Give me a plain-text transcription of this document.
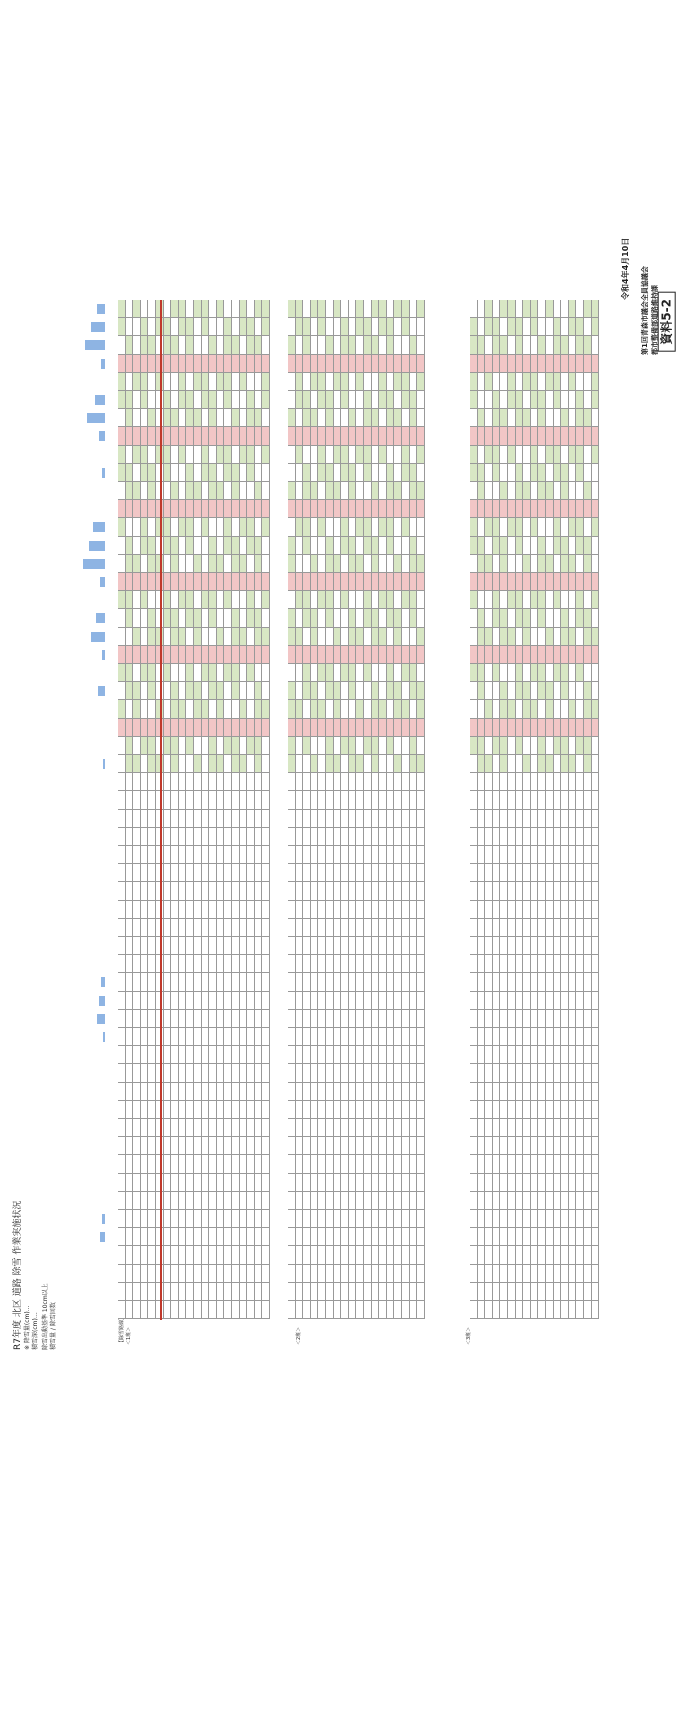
資料5-2
令和4年4月10日 第1回青森市議会全員協議会 都市整備部道路維持課
R7年度 北区 道路 除雪 作業実施状況 ※ 降雪量(cm)… 積雪深(cm)… 除雪出動基準 10cm以上 積雪量 / 除雪回数	【除雪路線】 ＜1班＞	＜2班＞	＜3班＞
